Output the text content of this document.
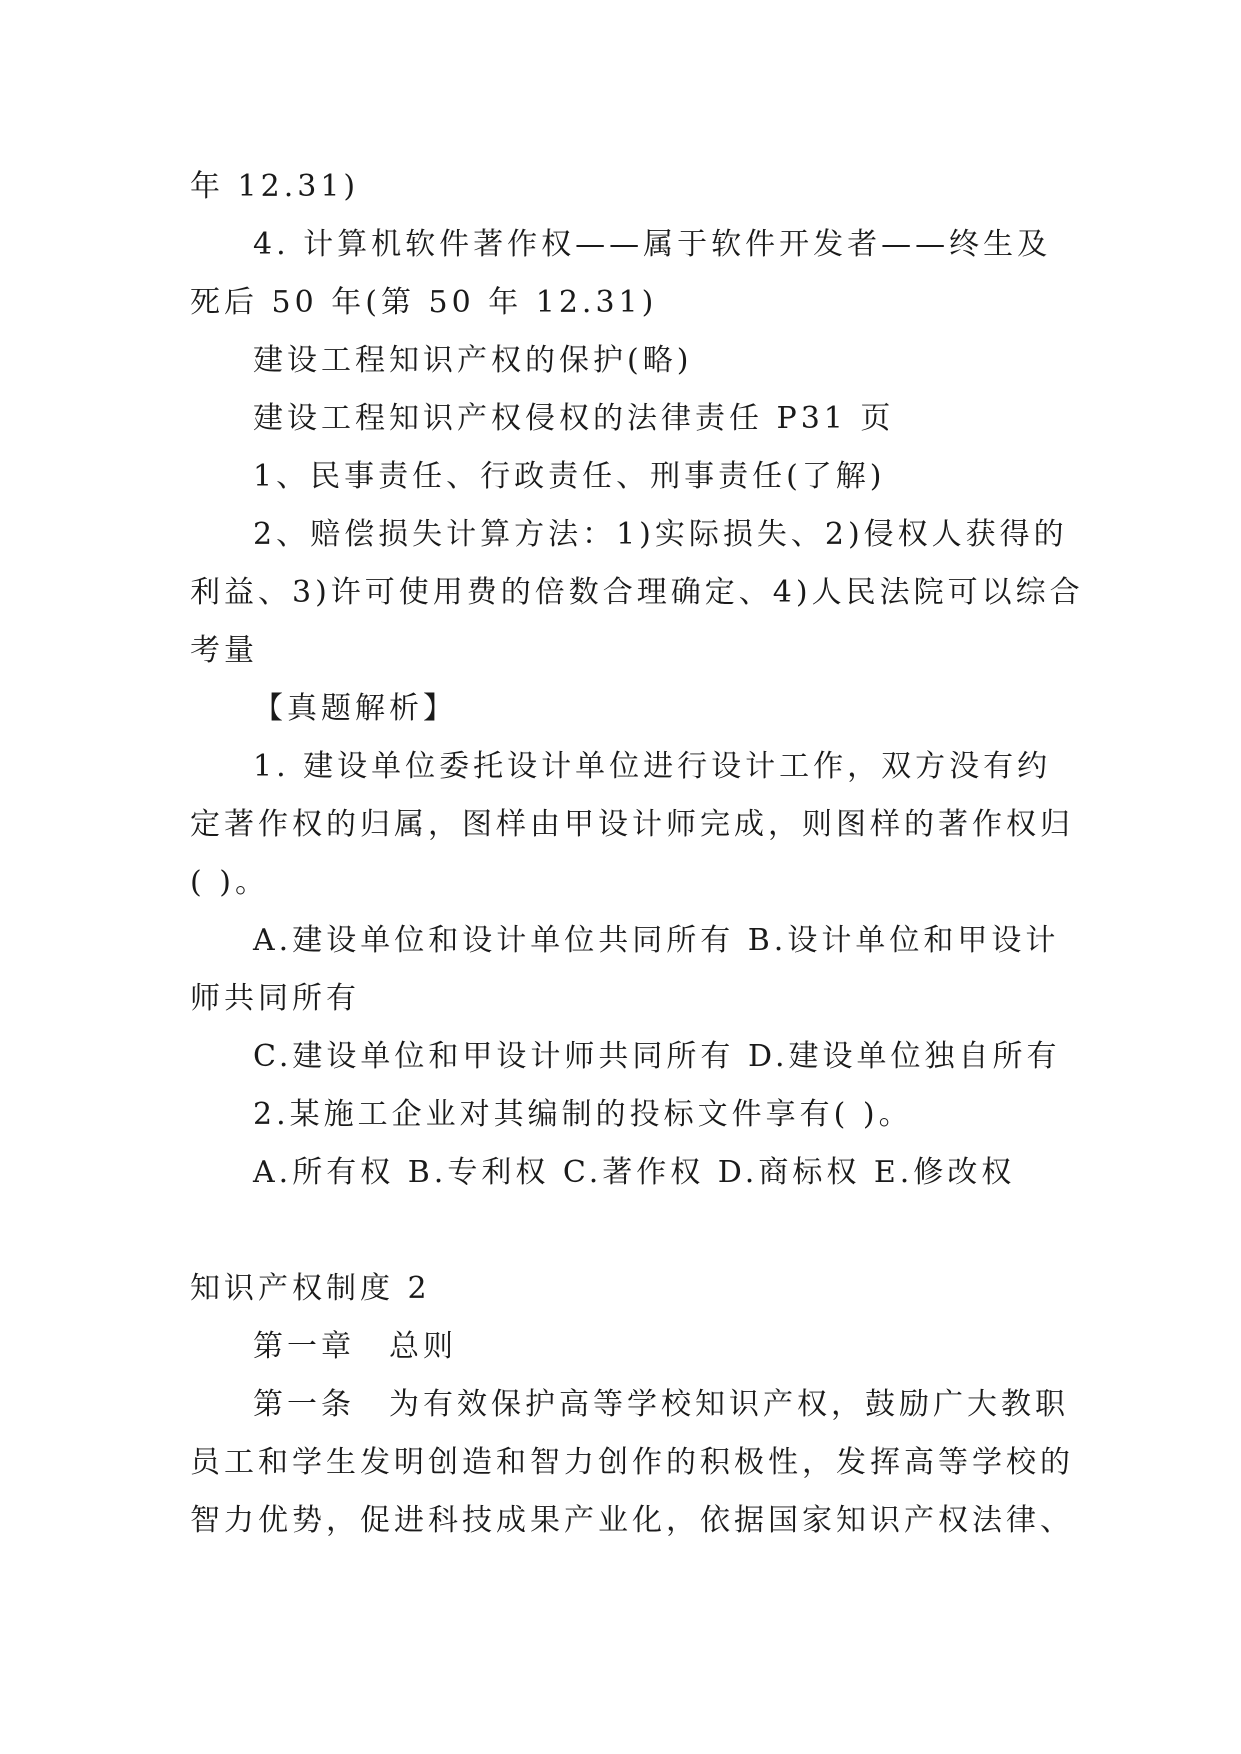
年 12.31)
4. 计算机软件著作权——属于软件开发者——终生及
死后 50 年(第 50 年 12.31)
建设工程知识产权的保护(略)
建设工程知识产权侵权的法律责任 P31 页
1、民事责任、行政责任、刑事责任(了解)
2、赔偿损失计算方法：1)实际损失、2)侵权人获得的
利益、3)许可使用费的倍数合理确定、4)人民法院可以综合
考量
【真题解析】
1. 建设单位委托设计单位进行设计工作，双方没有约
定著作权的归属，图样由甲设计师完成，则图样的著作权归
( )。
A.建设单位和设计单位共同所有 B.设计单位和甲设计
师共同所有
C.建设单位和甲设计师共同所有 D.建设单位独自所有
2.某施工企业对其编制的投标文件享有( )。
A.所有权 B.专利权 C.著作权 D.商标权 E.修改权
知识产权制度 2
第一章　总则
第一条　为有效保护高等学校知识产权，鼓励广大教职
员工和学生发明创造和智力创作的积极性，发挥高等学校的
智力优势，促进科技成果产业化，依据国家知识产权法律、
